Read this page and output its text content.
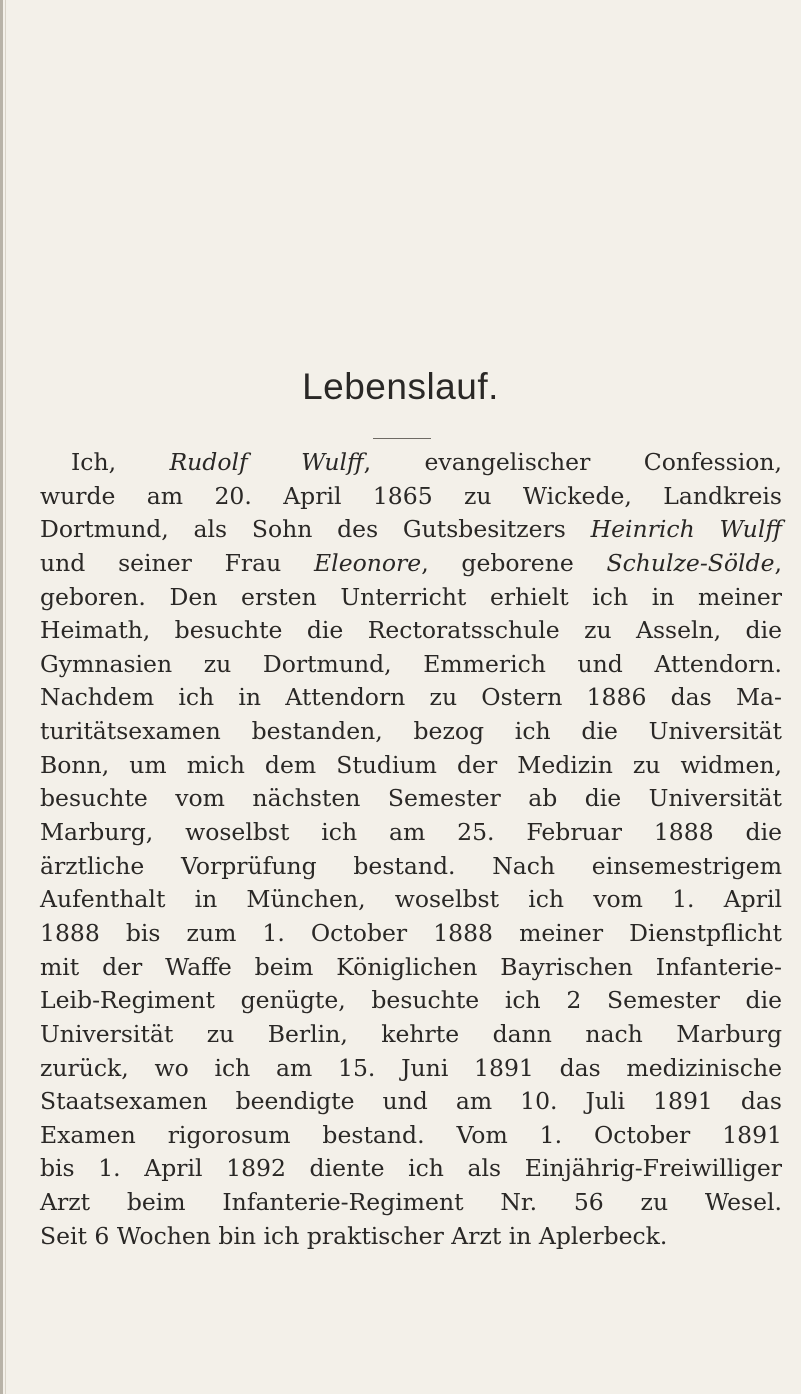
Lebenslauf.
Ich, Rudolf Wulff, evangelischer Confession,
wurde am 20. April 1865 zu Wickede, Landkreis
Dortmund, als Sohn des Gutsbesitzers Heinrich Wulff
und seiner Frau Eleonore, geborene Schulze-Sölde,
geboren. Den ersten Unterricht erhielt ich in meiner
Heimath, besuchte die Rectoratsschule zu Asseln, die
Gymnasien zu Dortmund, Emmerich und Attendorn.
Nachdem ich in Attendorn zu Ostern 1886 das Ma-
turitätsexamen bestanden, bezog ich die Universität
Bonn, um mich dem Studium der Medizin zu widmen,
besuchte vom nächsten Semester ab die Universität
Marburg, woselbst ich am 25. Februar 1888 die
ärztliche Vorprüfung bestand. Nach einsemestrigem
Aufenthalt in München, woselbst ich vom 1. April
1888 bis zum 1. October 1888 meiner Dienstpflicht
mit der Waffe beim Königlichen Bayrischen Infanterie-
Leib-Regiment genügte, besuchte ich 2 Semester die
Universität zu Berlin, kehrte dann nach Marburg
zurück, wo ich am 15. Juni 1891 das medizinische
Staatsexamen beendigte und am 10. Juli 1891 das
Examen rigorosum bestand. Vom 1. October 1891
bis 1. April 1892 diente ich als Einjährig-Freiwilliger
Arzt beim Infanterie-Regiment Nr. 56 zu Wesel.
Seit 6 Wochen bin ich praktischer Arzt in Aplerbeck.
